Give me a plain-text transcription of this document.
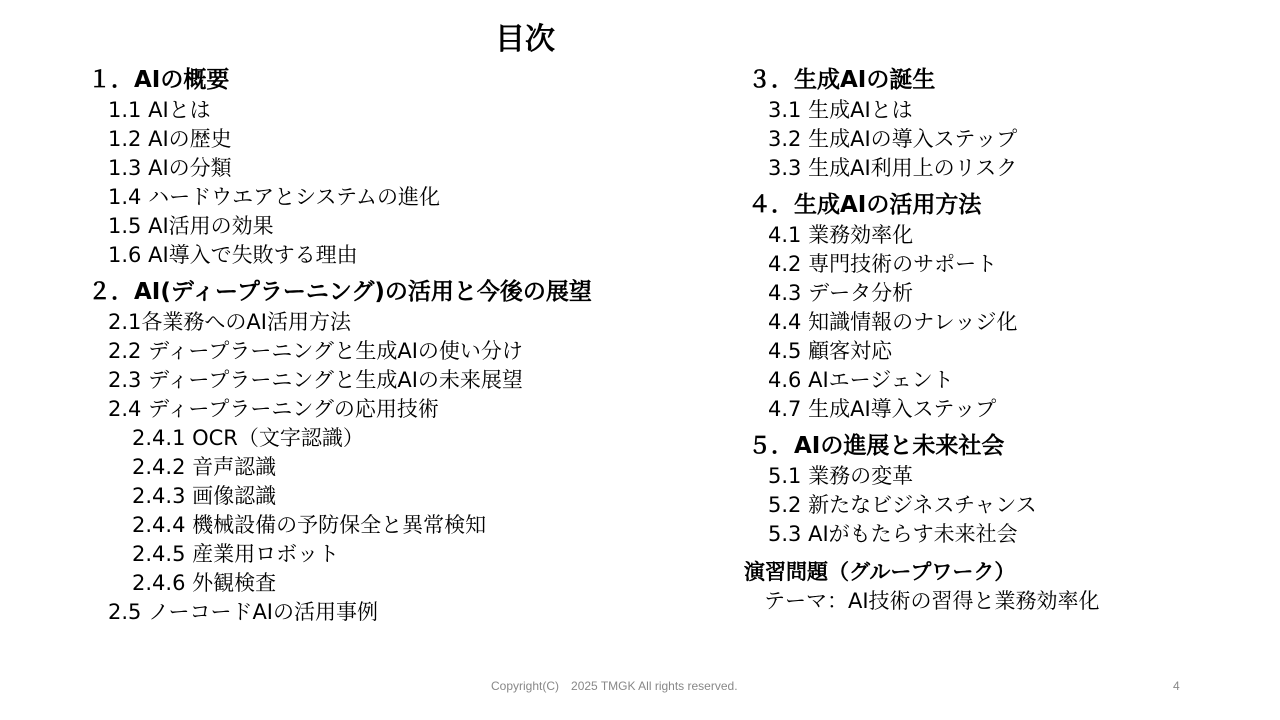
目次
１．AIの概要
1.1 AIとは
1.2 AIの歴史
1.3 AIの分類
1.4 ハードウエアとシステムの進化
1.5 AI活用の効果
1.6 AI導入で失敗する理由
２．AI(ディープラーニング)の活用と今後の展望
2.1各業務へのAI活用方法
2.2 ディープラーニングと生成AIの使い分け
2.3 ディープラーニングと生成AIの未来展望
2.4 ディープラーニングの応用技術
2.4.1 OCR（文字認識）
2.4.2 音声認識
2.4.3 画像認識
2.4.4 機械設備の予防保全と異常検知
2.4.5 産業用ロボット
2.4.6 外観検査
2.5 ノーコードAIの活用事例
３．生成AIの誕生
3.1 生成AIとは
3.2 生成AIの導入ステップ
3.3 生成AI利用上のリスク
４．生成AIの活用方法
4.1 業務効率化
4.2 専門技術のサポート
4.3 データ分析
4.4 知識情報のナレッジ化
4.5 顧客対応
4.6 AIエージェント
4.7 生成AI導入ステップ
５．AIの進展と未来社会
5.1 業務の変革
5.2 新たなビジネスチャンス
5.3 AIがもたらす未来社会
演習問題（グループワーク）
テーマ：AI技術の習得と業務効率化
Copyright(C)　2025 TMGK All rights reserved.	4
